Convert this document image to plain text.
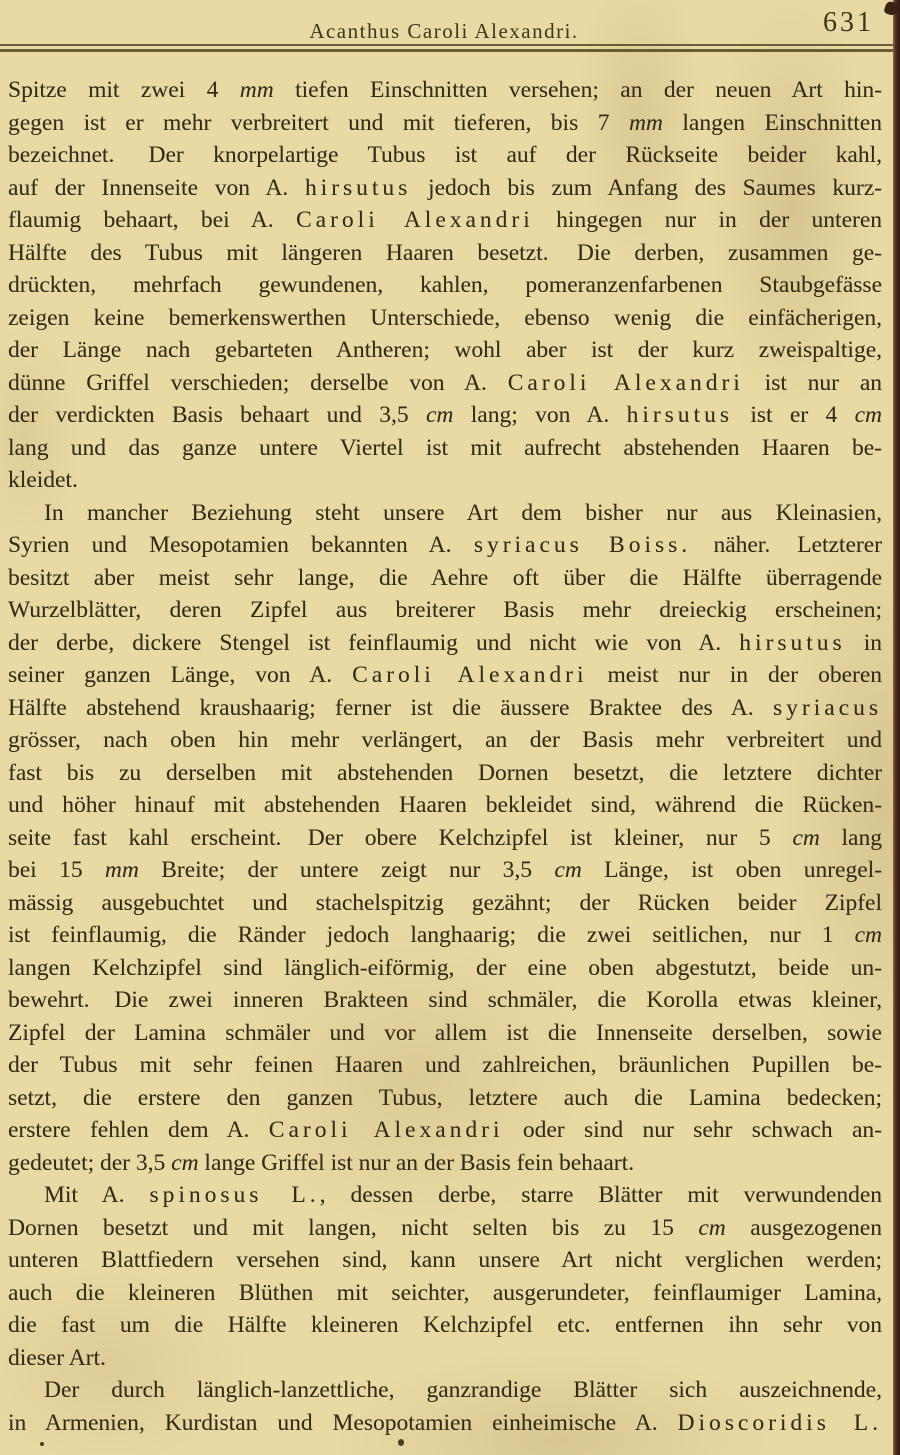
Acanthus Caroli Alexandri.	631
Spitze mit zwei 4 mm tiefen Einschnitten versehen; an der neuen Art hin-
gegen ist er mehr verbreitert und mit tieferen, bis 7 mm langen Einschnitten
bezeichnet.  Der knorpelartige Tubus ist auf der Rückseite beider kahl,
auf der Innenseite von A. hirsutus jedoch bis zum Anfang des Saumes kurz-
flaumig behaart, bei A. Caroli Alexandri hingegen nur in der unteren
Hälfte des Tubus mit längeren Haaren besetzt.  Die derben, zusammen ge-
drückten, mehrfach gewundenen, kahlen, pomeranzenfarbenen Staubgefässe
zeigen keine bemerkenswerthen Unterschiede, ebenso wenig die einfächerigen,
der Länge nach gebarteten Antheren; wohl aber ist der kurz zweispaltige,
dünne Griffel verschieden; derselbe von A. Caroli Alexandri ist nur an
der verdickten Basis behaart und 3,5 cm lang; von A. hirsutus ist er 4 cm
lang und das ganze untere Viertel ist mit aufrecht abstehenden Haaren be-
kleidet.
In mancher Beziehung steht unsere Art dem bisher nur aus Kleinasien,
Syrien und Mesopotamien bekannten A. syriacus Boiss. näher.  Letzterer
besitzt aber meist sehr lange, die Aehre oft über die Hälfte überragende
Wurzelblätter, deren Zipfel aus breiterer Basis mehr dreieckig erscheinen;
der derbe, dickere Stengel ist feinflaumig und nicht wie von A. hirsutus in
seiner ganzen Länge, von A. Caroli Alexandri meist nur in der oberen
Hälfte abstehend kraushaarig; ferner ist die äussere Braktee des A. syriacus
grösser, nach oben hin mehr verlängert, an der Basis mehr verbreitert und
fast bis zu derselben mit abstehenden Dornen besetzt, die letztere dichter
und höher hinauf mit abstehenden Haaren bekleidet sind, während die Rücken-
seite fast kahl erscheint.  Der obere Kelchzipfel ist kleiner, nur 5 cm lang
bei 15 mm Breite; der untere zeigt nur 3,5 cm Länge, ist oben unregel-
mässig ausgebuchtet und stachelspitzig gezähnt; der Rücken beider Zipfel
ist feinflaumig, die Ränder jedoch langhaarig; die zwei seitlichen, nur 1 cm
langen Kelchzipfel sind länglich-eiförmig, der eine oben abgestutzt, beide un-
bewehrt.  Die zwei inneren Brakteen sind schmäler, die Korolla etwas kleiner,
Zipfel der Lamina schmäler und vor allem ist die Innenseite derselben, sowie
der Tubus mit sehr feinen Haaren und zahlreichen, bräunlichen Pupillen be-
setzt, die erstere den ganzen Tubus, letztere auch die Lamina bedecken;
erstere fehlen dem A. Caroli Alexandri oder sind nur sehr schwach an-
gedeutet; der 3,5 cm lange Griffel ist nur an der Basis fein behaart.
Mit A. spinosus L., dessen derbe, starre Blätter mit verwundenden
Dornen besetzt und mit langen, nicht selten bis zu 15 cm ausgezogenen
unteren Blattfiedern versehen sind, kann unsere Art nicht verglichen werden;
auch die kleineren Blüthen mit seichter, ausgerundeter, feinflaumiger Lamina,
die fast um die Hälfte kleineren Kelchzipfel etc. entfernen ihn sehr von
dieser Art.
Der durch länglich-lanzettliche, ganzrandige Blätter sich auszeichnende,
in Armenien, Kurdistan und Mesopotamien einheimische A. Dioscoridis L.
